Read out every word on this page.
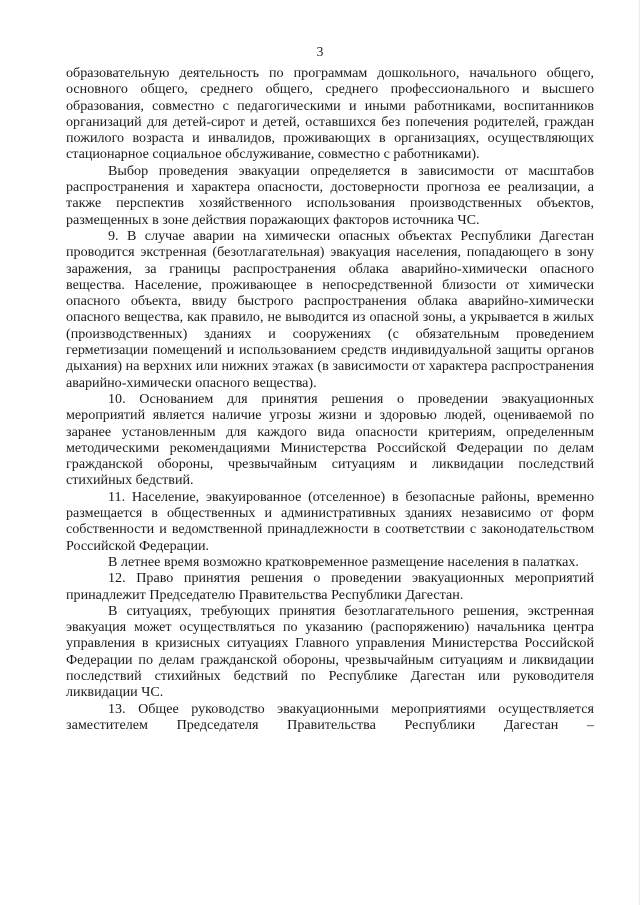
3

образовательную деятельность по программам дошкольного, начального общего, основного общего, среднего общего, среднего профессионального и высшего образования, совместно с педагогическими и иными работниками, воспитанников организаций для детей-сирот и детей, оставшихся без попечения родителей, граждан пожилого возраста и инвалидов, проживающих в организациях, осуществляющих стационарное социальное обслуживание, совместно с работниками).

Выбор проведения эвакуации определяется в зависимости от масштабов распространения и характера опасности, достоверности прогноза ее реализации, а также перспектив хозяйственного использования производственных объектов, размещенных в зоне действия поражающих факторов источника ЧС.

9. В случае аварии на химически опасных объектах Республики Дагестан проводится экстренная (безотлагательная) эвакуация населения, попадающего в зону заражения, за границы распространения облака аварийно-химически опасного вещества. Население, проживающее в непосредственной близости от химически опасного объекта, ввиду быстрого распространения облака аварийно-химически опасного вещества, как правило, не выводится из опасной зоны, а укрывается в жилых (производственных) зданиях и сооружениях (с обязательным проведением герметизации помещений и использованием средств индивидуальной защиты органов дыхания) на верхних или нижних этажах (в зависимости от характера распространения аварийно-химически опасного вещества).

10. Основанием для принятия решения о проведении эвакуационных мероприятий является наличие угрозы жизни и здоровью людей, оцениваемой по заранее установленным для каждого вида опасности критериям, определенным методическими рекомендациями Министерства Российской Федерации по делам гражданской обороны, чрезвычайным ситуациям и ликвидации последствий стихийных бедствий.

11. Население, эвакуированное (отселенное) в безопасные районы, временно размещается в общественных и административных зданиях независимо от форм собственности и ведомственной принадлежности в соответствии с законодательством Российской Федерации.

В летнее время возможно кратковременное размещение населения в палатках.

12. Право принятия решения о проведении эвакуационных мероприятий принадлежит Председателю Правительства Республики Дагестан.

В ситуациях, требующих принятия безотлагательного решения, экстренная эвакуация может осуществляться по указанию (распоряжению) начальника центра управления в кризисных ситуациях Главного управления Министерства Российской Федерации по делам гражданской обороны, чрезвычайным ситуациям и ликвидации последствий стихийных бедствий по Республике Дагестан или руководителя ликвидации ЧС.

13. Общее руководство эвакуационными мероприятиями осуществляется заместителем Председателя Правительства Республики Дагестан –
